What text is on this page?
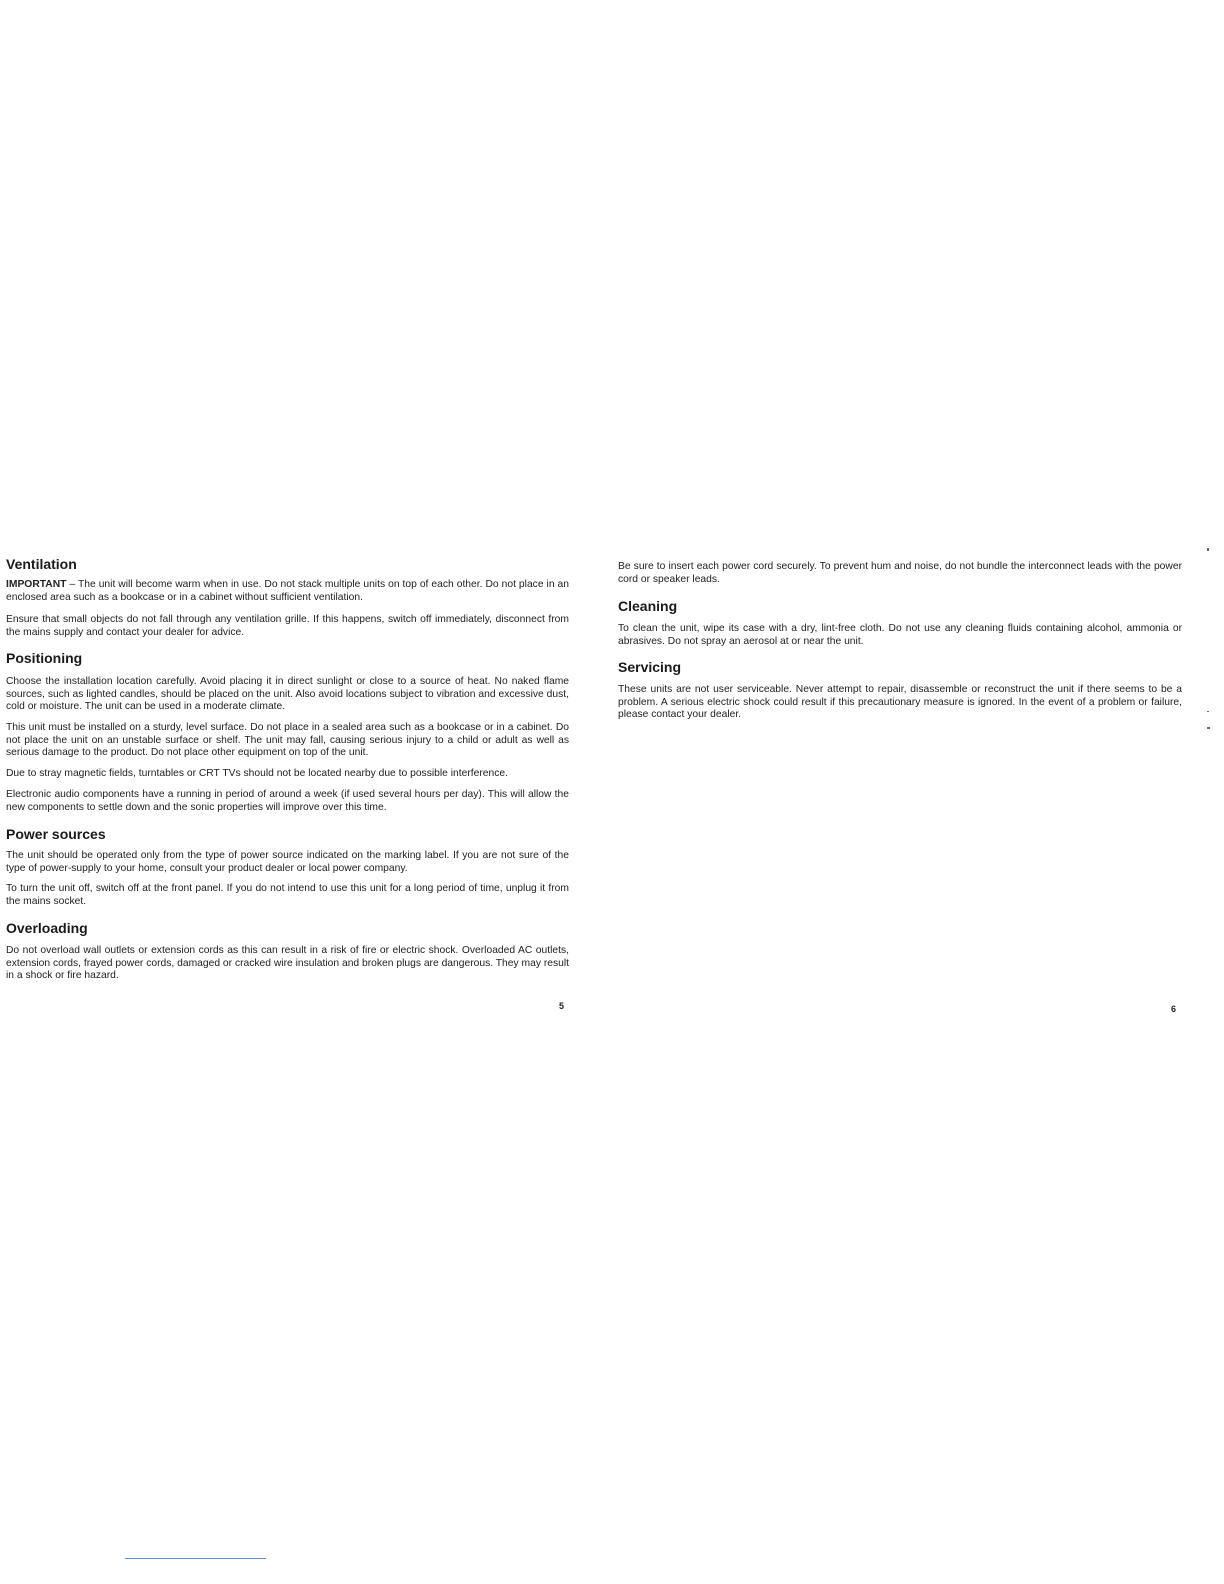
Ventilation

IMPORTANT – The unit will become warm when in use. Do not stack multiple units on top of each other. Do not place in an enclosed area such as a bookcase or in a cabinet without sufficient ventilation.

Ensure that small objects do not fall through any ventilation grille. If this happens, switch off immediately, disconnect from the mains supply and contact your dealer for advice.

Positioning

Choose the installation location carefully. Avoid placing it in direct sunlight or close to a source of heat. No naked flame sources, such as lighted candles, should be placed on the unit. Also avoid locations subject to vibration and excessive dust, cold or moisture. The unit can be used in a moderate climate.

This unit must be installed on a sturdy, level surface. Do not place in a sealed area such as a bookcase or in a cabinet. Do not place the unit on an unstable surface or shelf. The unit may fall, causing serious injury to a child or adult as well as serious damage to the product. Do not place other equipment on top of the unit.

Due to stray magnetic fields, turntables or CRT TVs should not be located nearby due to possible interference.

Electronic audio components have a running in period of around a week (if used several hours per day). This will allow the new components to settle down and the sonic properties will improve over this time.

Power sources

The unit should be operated only from the type of power source indicated on the marking label. If you are not sure of the type of power-supply to your home, consult your product dealer or local power company.

To turn the unit off, switch off at the front panel. If you do not intend to use this unit for a long period of time, unplug it from the mains socket.

Overloading

Do not overload wall outlets or extension cords as this can result in a risk of fire or electric shock. Overloaded AC outlets, extension cords, frayed power cords, damaged or cracked wire insulation and broken plugs are dangerous. They may result in a shock or fire hazard.

5

Be sure to insert each power cord securely. To prevent hum and noise, do not bundle the interconnect leads with the power cord or speaker leads.

Cleaning

To clean the unit, wipe its case with a dry, lint-free cloth. Do not use any cleaning fluids containing alcohol, ammonia or abrasives. Do not spray an aerosol at or near the unit.

Servicing

These units are not user serviceable. Never attempt to repair, disassemble or reconstruct the unit if there seems to be a problem. A serious electric shock could result if this precautionary measure is ignored. In the event of a problem or failure, please contact your dealer.

6
